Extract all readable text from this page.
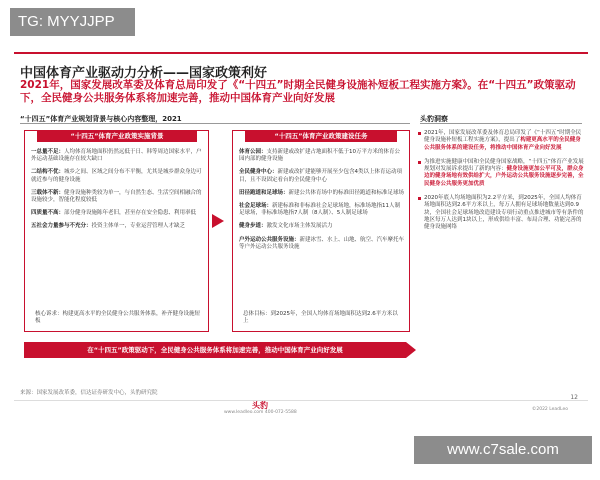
TG: MYYJJPP
中国体育产业驱动力分析——国家政策利好
2021年，国家发展改革委及体育总局印发了《“十四五”时期全民健身设施补短板工程实施方案》。在“十四五”政策驱动下，全民健身公共服务体系将加速完善，推动中国体育产业向好发展
“十四五”体育产业规划背景与核心内容整理，2021	头豹洞察
“十四五”体育产业政策实施背景
一总量不足：人均体育场地面积仍然远低于日、韩等周边国家水平，户外运动基础设施存在较大缺口
二结构不优：城乡之间、区域之间分布不平衡，尤其是城乡群众身边可就近参与的健身设施
三载体不新：健身设施种类较为单一，与自然生态、生活空间相融合的设施较少，智能化程度较低
四质量不高：部分健身设施陈年老旧，甚至存在安全隐患、利用率低
五社会力量参与不充分：投资主体单一，专业运营管理人才缺乏
核心诉求：构建更高水平的全民健身公共服务体系，补齐健身设施短板
“十四五”体育产业政策建设任务
体育公园：支持新建或改扩建占地面积不低于10万平方米的体育公园内部的健身设施
全民健身中心：新建或改扩建能够开展至少包含4类以上体育运动项目，且不设固定看台的全民健身中心
田径跑道和足球场：新建公共体育场中的标准田径跑道和标准足球场
社会足球场：新建标准和非标准社会足球场地，标准场地指11人制足球场，非标准场地指7人制（8人制）、5人制足球场
健身步道：激发文化市场主体发展活力
户外运动公共服务设施：新建冰雪、水上、山地、航空、汽车摩托车等户外运动公共服务设施
总体目标：到2025年，全国人均体育场地面积达到2.6平方米以上
在“十四五”政策驱动下，全民健身公共服务体系将加速完善，推动中国体育产业向好发展
2021年，国家发展改革委及体育总局印发了《“十四五”时期全民健身设施补短板工程实施方案》，提出了构建更高水平的全民健身公共服务体系的建设任务，将推动中国体育产业向好发展
为推进实施健康中国和全民健身国家战略，“十四五”体育产业发展规划对发展诉求提出了新的内容：健身设施更加公平可及，群众身边的健身场地有效供给扩大，户外运动公共服务设施逐步完善，全民健身公共服务更加优质
2020年底人均场地面积为2.2平方米，到2025年，全国人均体育场地面积达到2.6平方米以上，每万人拥有足球场地数量达到0.9块，全国社会足球场地改造建设专项行动重点推进城市等有条件的地区每万人达到1块以上，形成供给丰富、布局合理、功能完善的健身设施网络
来源：国家发展改革委，信达证券研发中心，头豹研究院
12
头豹
www.leadleo.com 400-072-5588
©2022 LeadLeo
www.c7sale.com
